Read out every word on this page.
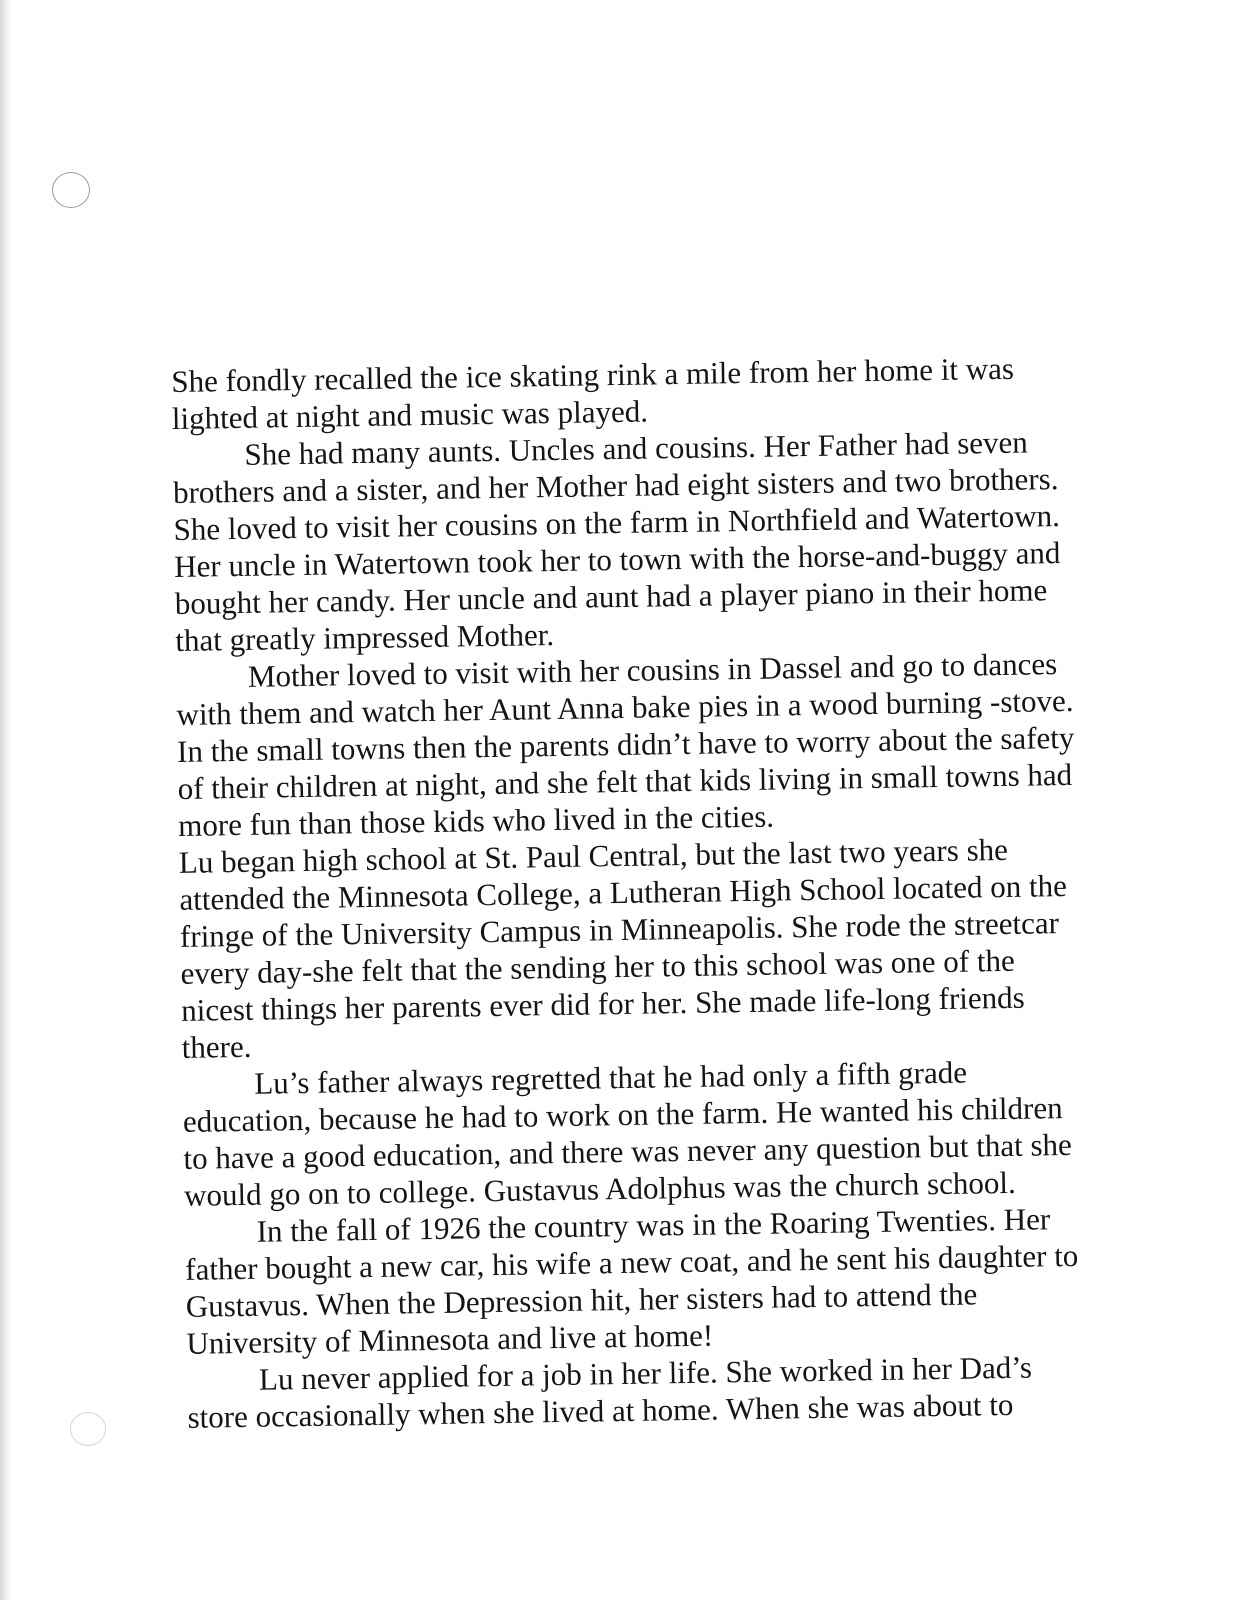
She fondly recalled the ice skating rink a mile from her home it was
lighted at night and music was played.

She had many aunts. Uncles and cousins. Her Father had seven
brothers and a sister, and her Mother had eight sisters and two brothers.
She loved to visit her cousins on the farm in Northfield and Watertown.
Her uncle in Watertown took her to town with the horse-and-buggy and
bought her candy. Her uncle and aunt had a player piano in their home
that greatly impressed Mother.

Mother loved to visit with her cousins in Dassel and go to dances
with them and watch her Aunt Anna bake pies in a wood burning -stove.
In the small towns then the parents didn’t have to worry about the safety
of their children at night, and she felt that kids living in small towns had
more fun than those kids who lived in the cities.

Lu began high school at St. Paul Central, but the last two years she
attended the Minnesota College, a Lutheran High School located on the
fringe of the University Campus in Minneapolis. She rode the streetcar
every day-she felt that the sending her to this school was one of the
nicest things her parents ever did for her. She made life-long friends
there.

Lu’s father always regretted that he had only a fifth grade
education, because he had to work on the farm. He wanted his children
to have a good education, and there was never any question but that she
would go on to college. Gustavus Adolphus was the church school.

In the fall of 1926 the country was in the Roaring Twenties. Her
father bought a new car, his wife a new coat, and he sent his daughter to
Gustavus. When the Depression hit, her sisters had to attend the
University of Minnesota and live at home!

Lu never applied for a job in her life. She worked in her Dad’s
store occasionally when she lived at home. When she was about to
